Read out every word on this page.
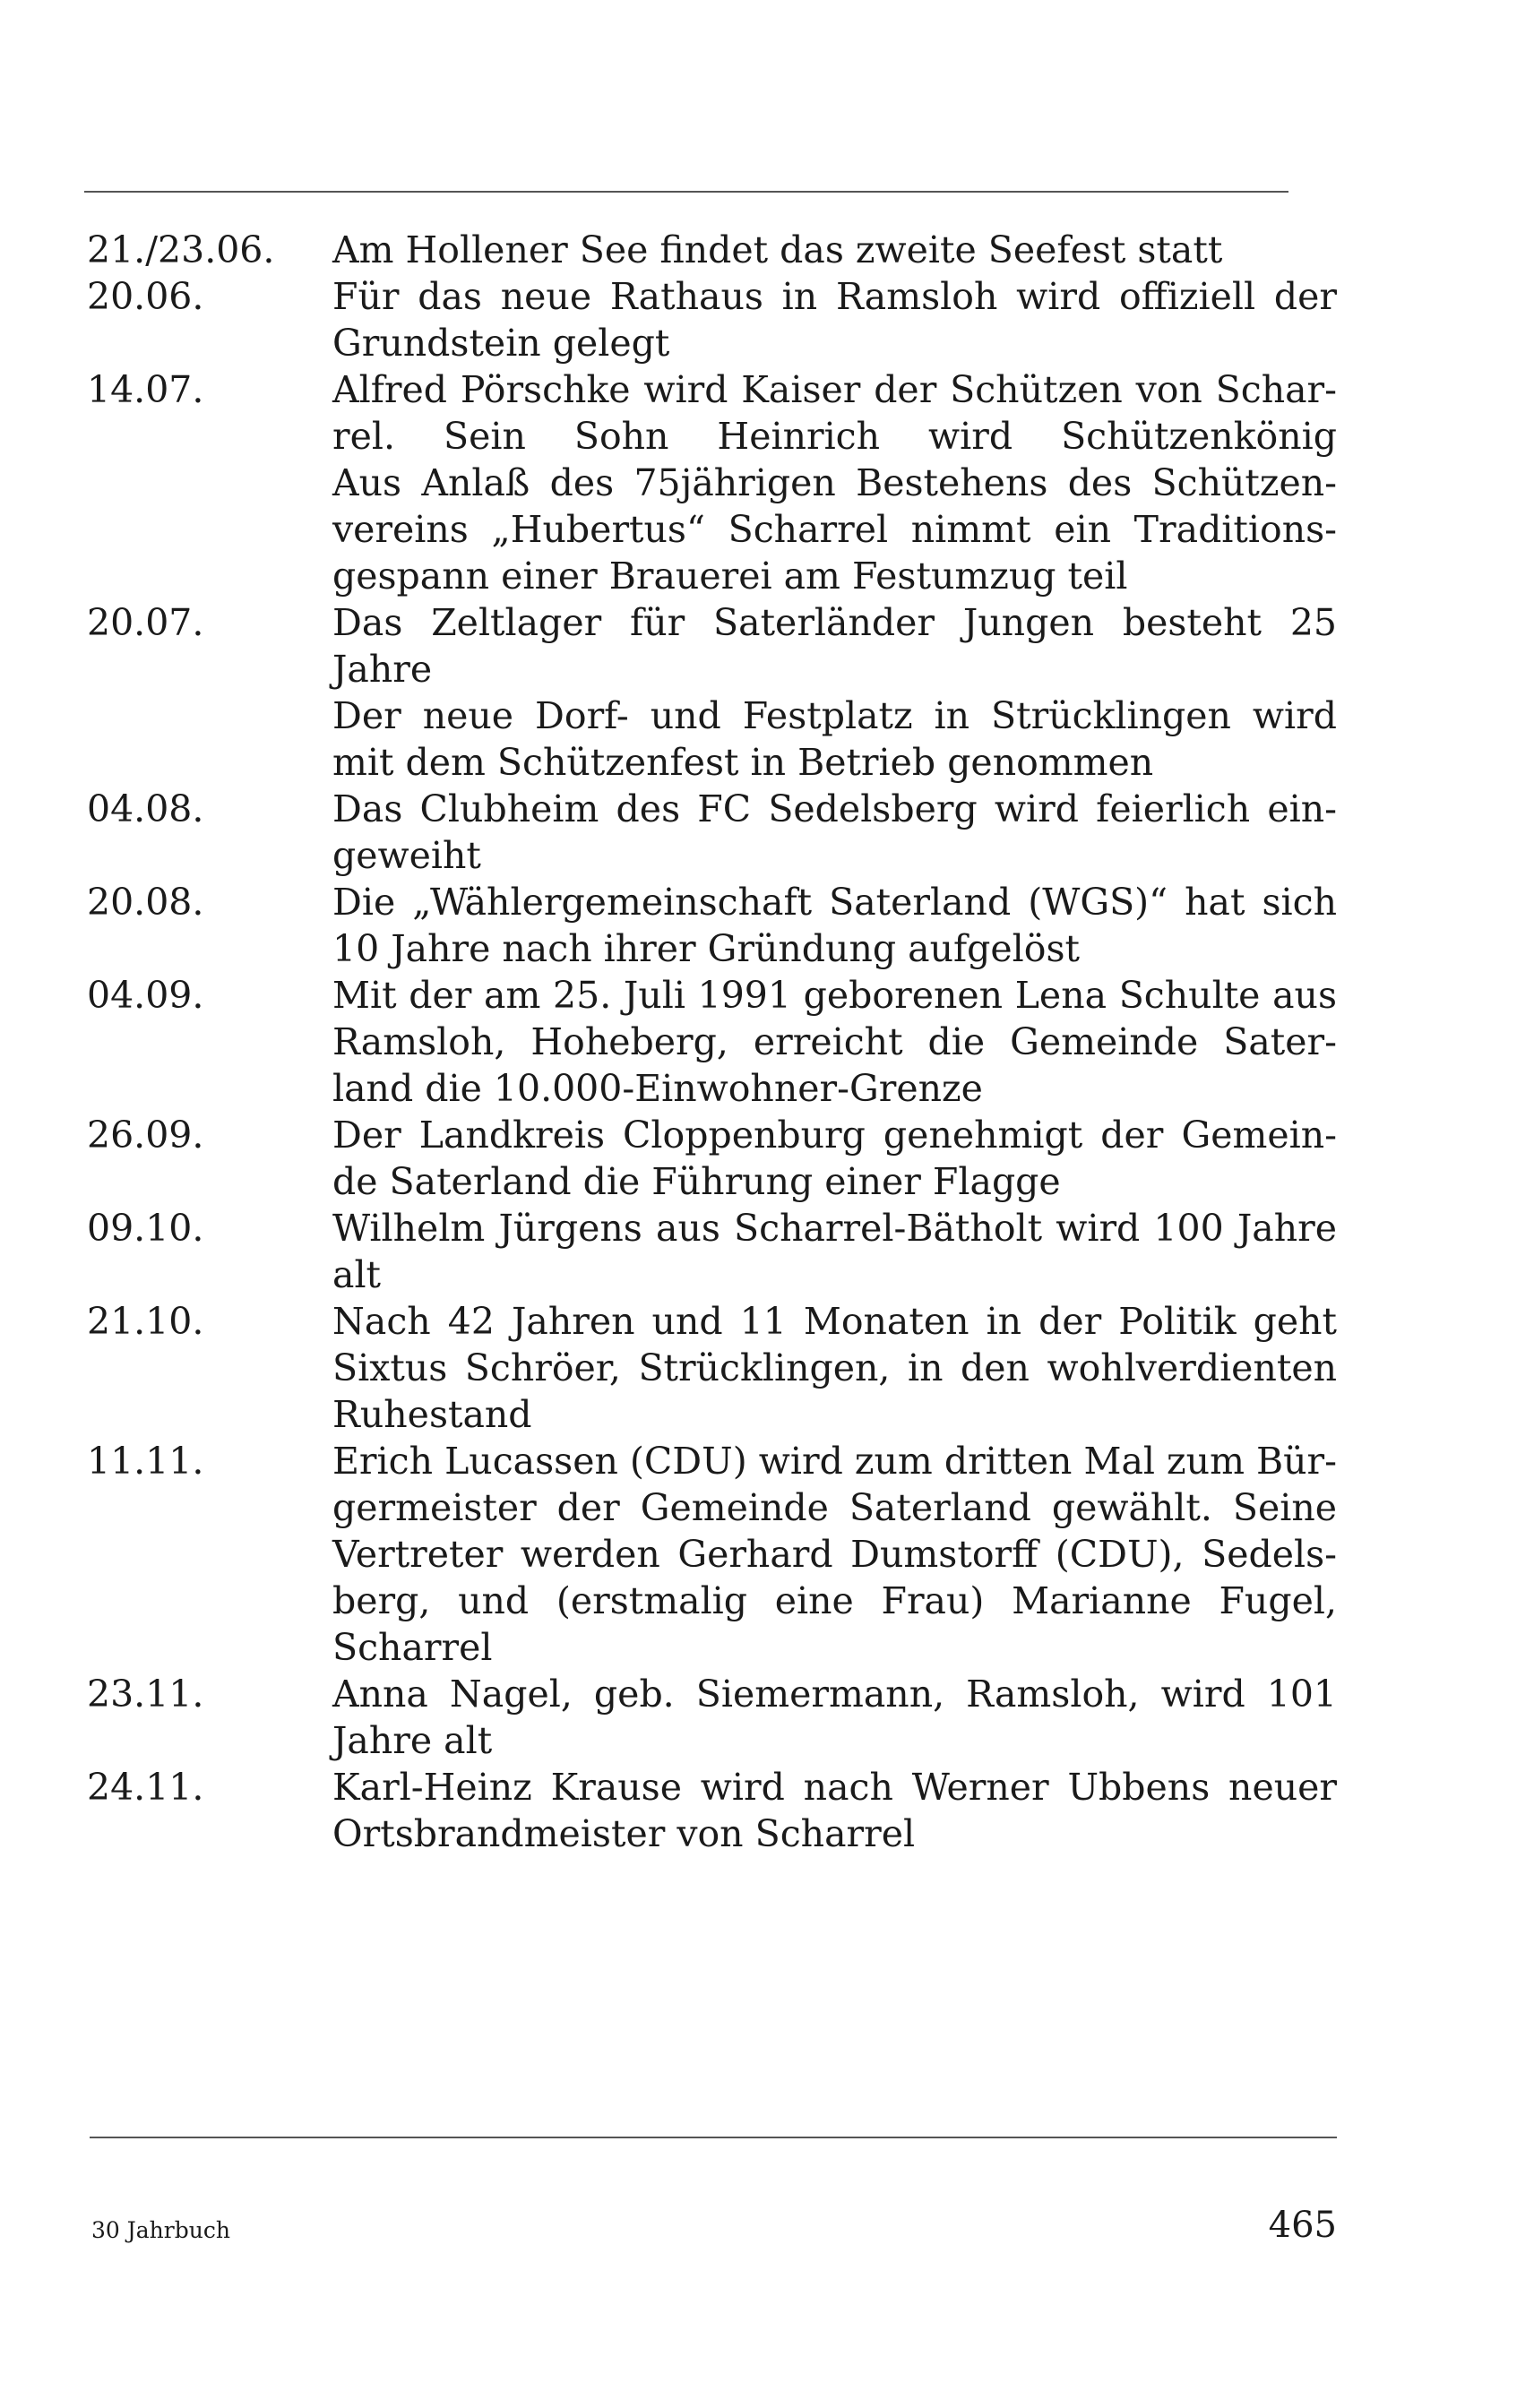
21./23.06.	Am Hollener See findet das zweite Seefest statt
20.06.	Für das neue Rathaus in Ramsloh wird offiziell der
Grundstein gelegt
14.07.	Alfred Pörschke wird Kaiser der Schützen von Schar-
rel. Sein Sohn Heinrich wird Schützenkönig
Aus Anlaß des 75jährigen Bestehens des Schützen-
vereins „Hubertus“ Scharrel nimmt ein Traditions-
gespann einer Brauerei am Festumzug teil
20.07.	Das Zeltlager für Saterländer Jungen besteht 25
Jahre
Der neue Dorf- und Festplatz in Strücklingen wird
mit dem Schützenfest in Betrieb genommen
04.08.	Das Clubheim des FC Sedelsberg wird feierlich ein-
geweiht
20.08.	Die „Wählergemeinschaft Saterland (WGS)“ hat sich
10 Jahre nach ihrer Gründung aufgelöst
04.09.	Mit der am 25. Juli 1991 geborenen Lena Schulte aus
Ramsloh, Hoheberg, erreicht die Gemeinde Sater-
land die 10.000-Einwohner-Grenze
26.09.	Der Landkreis Cloppenburg genehmigt der Gemein-
de Saterland die Führung einer Flagge
09.10.	Wilhelm Jürgens aus Scharrel-Bätholt wird 100 Jahre
alt
21.10.	Nach 42 Jahren und 11 Monaten in der Politik geht
Sixtus Schröer, Strücklingen, in den wohlverdienten
Ruhestand
11.11.	Erich Lucassen (CDU) wird zum dritten Mal zum Bür-
germeister der Gemeinde Saterland gewählt. Seine
Vertreter werden Gerhard Dumstorff (CDU), Sedels-
berg, und (erstmalig eine Frau) Marianne Fugel,
Scharrel
23.11.	Anna Nagel, geb. Siemermann, Ramsloh, wird 101
Jahre alt
24.11.	Karl-Heinz Krause wird nach Werner Ubbens neuer
Ortsbrandmeister von Scharrel
30 Jahrbuch	465
